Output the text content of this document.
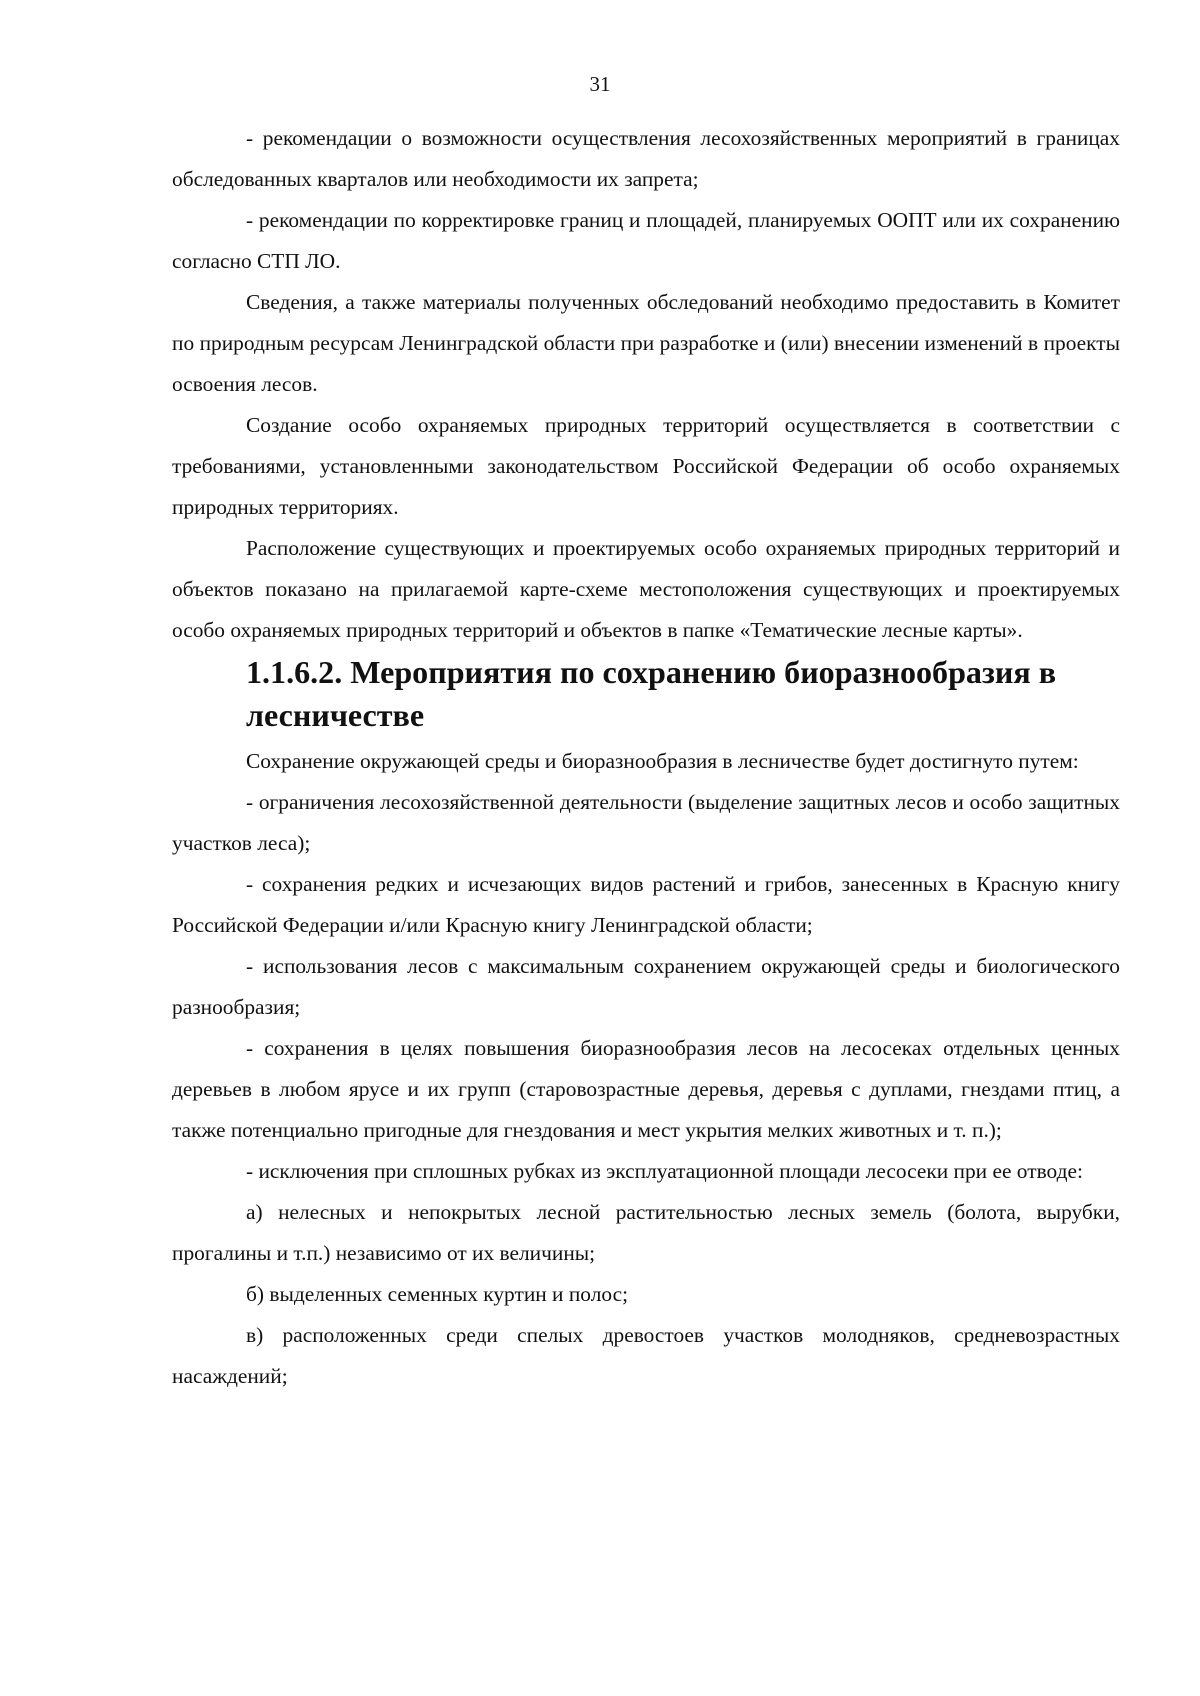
31

- рекомендации о возможности осуществления лесохозяйственных мероприятий в границах обследованных кварталов или необходимости их запрета;

- рекомендации по корректировке границ и площадей, планируемых ООПТ или их сохранению согласно СТП ЛО.

Сведения, а также материалы полученных обследований необходимо предоставить в Комитет по природным ресурсам Ленинградской области при разработке и (или) внесении изменений в проекты освоения лесов.

Создание особо охраняемых природных территорий осуществляется в соответствии с требованиями, установленными законодательством Российской Федерации об особо охраняемых природных территориях.

Расположение существующих и проектируемых особо охраняемых природных территорий и объектов показано на прилагаемой карте-схеме местоположения существующих и проектируемых особо охраняемых природных территорий и объектов в папке «Тематические лесные карты».

1.1.6.2. Мероприятия по сохранению биоразнообразия в лесничестве

Сохранение окружающей среды и биоразнообразия в лесничестве будет достигнуто путем:

- ограничения лесохозяйственной деятельности (выделение защитных лесов и особо защитных участков леса);

- сохранения редких и исчезающих видов растений и грибов, занесенных в Красную книгу Российской Федерации и/или Красную книгу Ленинградской области;

- использования лесов с максимальным сохранением окружающей среды и биологического разнообразия;

- сохранения в целях повышения биоразнообразия лесов на лесосеках отдельных ценных деревьев в любом ярусе и их групп (старовозрастные деревья, деревья с дуплами, гнездами птиц, а также потенциально пригодные для гнездования и мест укрытия мелких животных и т. п.);

- исключения при сплошных рубках из эксплуатационной площади лесосеки при ее отводе:

а) нелесных и непокрытых лесной растительностью лесных земель (болота, вырубки, прогалины и т.п.) независимо от их величины;

б) выделенных семенных куртин и полос;

в) расположенных среди спелых древостоев участков молодняков, средневозрастных насаждений;
